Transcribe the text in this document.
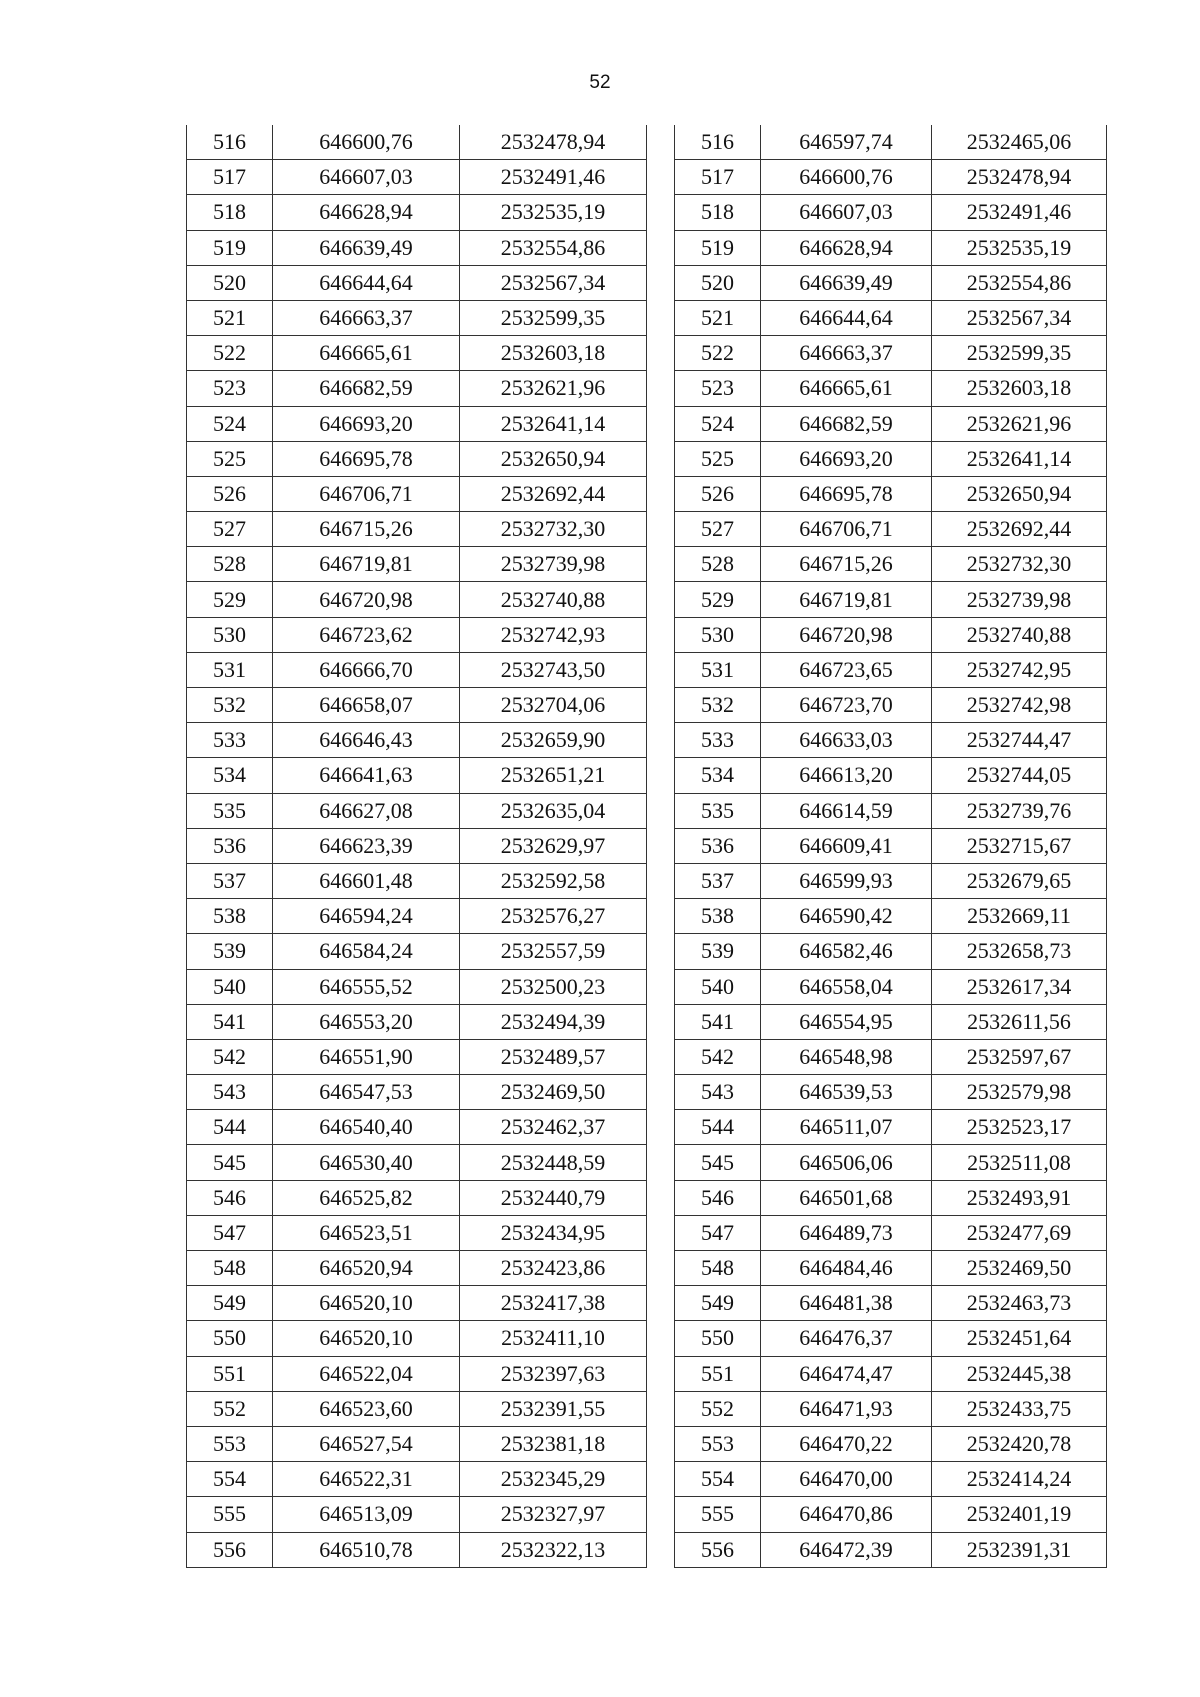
52
516	646600,76	2532478,94
517	646607,03	2532491,46
518	646628,94	2532535,19
519	646639,49	2532554,86
520	646644,64	2532567,34
521	646663,37	2532599,35
522	646665,61	2532603,18
523	646682,59	2532621,96
524	646693,20	2532641,14
525	646695,78	2532650,94
526	646706,71	2532692,44
527	646715,26	2532732,30
528	646719,81	2532739,98
529	646720,98	2532740,88
530	646723,62	2532742,93
531	646666,70	2532743,50
532	646658,07	2532704,06
533	646646,43	2532659,90
534	646641,63	2532651,21
535	646627,08	2532635,04
536	646623,39	2532629,97
537	646601,48	2532592,58
538	646594,24	2532576,27
539	646584,24	2532557,59
540	646555,52	2532500,23
541	646553,20	2532494,39
542	646551,90	2532489,57
543	646547,53	2532469,50
544	646540,40	2532462,37
545	646530,40	2532448,59
546	646525,82	2532440,79
547	646523,51	2532434,95
548	646520,94	2532423,86
549	646520,10	2532417,38
550	646520,10	2532411,10
551	646522,04	2532397,63
552	646523,60	2532391,55
553	646527,54	2532381,18
554	646522,31	2532345,29
555	646513,09	2532327,97
556	646510,78	2532322,13
516	646597,74	2532465,06
517	646600,76	2532478,94
518	646607,03	2532491,46
519	646628,94	2532535,19
520	646639,49	2532554,86
521	646644,64	2532567,34
522	646663,37	2532599,35
523	646665,61	2532603,18
524	646682,59	2532621,96
525	646693,20	2532641,14
526	646695,78	2532650,94
527	646706,71	2532692,44
528	646715,26	2532732,30
529	646719,81	2532739,98
530	646720,98	2532740,88
531	646723,65	2532742,95
532	646723,70	2532742,98
533	646633,03	2532744,47
534	646613,20	2532744,05
535	646614,59	2532739,76
536	646609,41	2532715,67
537	646599,93	2532679,65
538	646590,42	2532669,11
539	646582,46	2532658,73
540	646558,04	2532617,34
541	646554,95	2532611,56
542	646548,98	2532597,67
543	646539,53	2532579,98
544	646511,07	2532523,17
545	646506,06	2532511,08
546	646501,68	2532493,91
547	646489,73	2532477,69
548	646484,46	2532469,50
549	646481,38	2532463,73
550	646476,37	2532451,64
551	646474,47	2532445,38
552	646471,93	2532433,75
553	646470,22	2532420,78
554	646470,00	2532414,24
555	646470,86	2532401,19
556	646472,39	2532391,31
